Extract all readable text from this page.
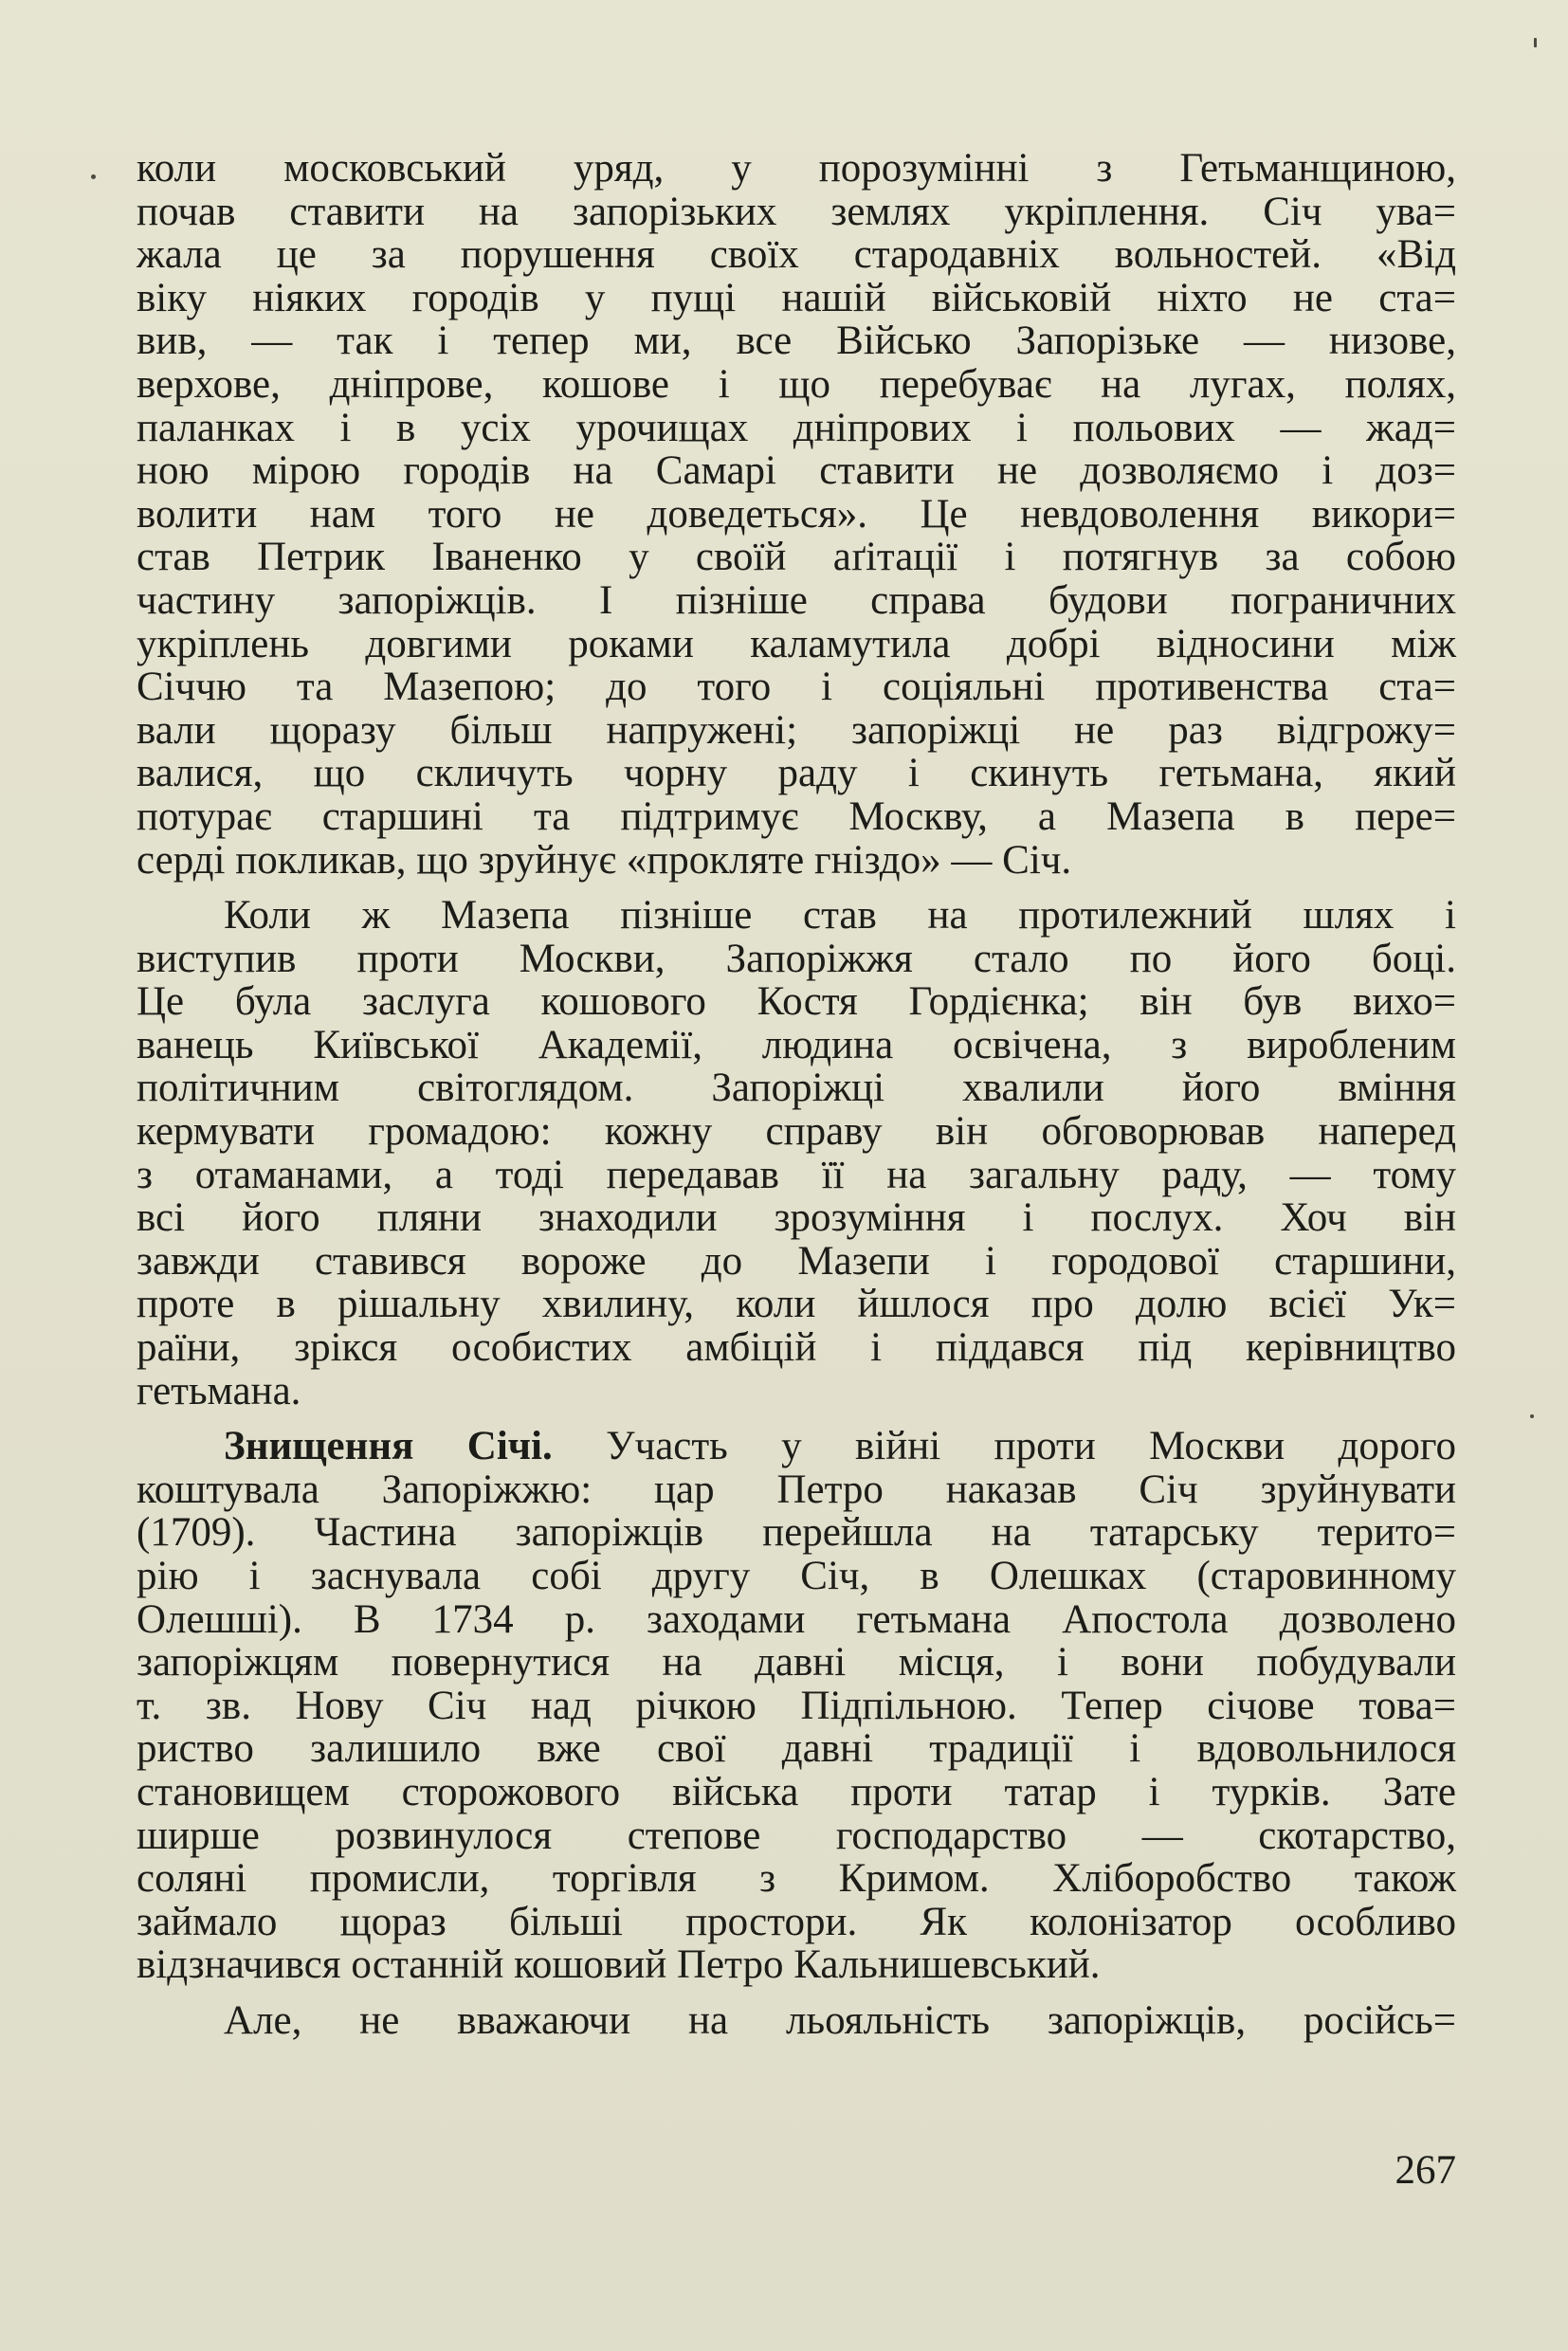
коли московський уряд, у порозумінні з Гетьманщиною,
почав ставити на запорізьких землях укріплення. Січ ува=
жала це за порушення своїх стародавніх вольностей. «Від
віку ніяких городів у пущі нашій військовій ніхто не ста=
вив, — так і тепер ми, все Військо Запорізьке — низове,
верхове, дніпрове, кошове і що перебуває на лугах, полях,
паланках і в усіх урочищах дніпрових і польових — жад=
ною мірою городів на Самарі ставити не дозволяємо і доз=
волити нам того не доведеться». Це невдоволення викори=
став Петрик Іваненко у своїй аґітації і потягнув за собою
частину запоріжців. І пізніше справа будови пограничних
укріплень довгими роками каламутила добрі відносини між
Січчю та Мазепою; до того і соціяльні противенства ста=
вали щоразу більш напружені; запоріжці не раз відгрожу=
валися, що скличуть чорну раду і скинуть гетьмана, який
потурає старшині та підтримує Москву, а Мазепа в пере=
серді покликав, що зруйнує «прокляте гніздо» — Січ.

Коли ж Мазепа пізніше став на протилежний шлях і
виступив проти Москви, Запоріжжя стало по його боці.
Це була заслуга кошового Костя Гордієнка; він був вихо=
ванець Київської Академії, людина освічена, з виробленим
політичним світоглядом. Запоріжці хвалили його вміння
кермувати громадою: кожну справу він обговорював наперед
з отаманами, а тоді передавав її на загальну раду, — тому
всі його пляни знаходили зрозуміння і послух. Хоч він
завжди ставився вороже до Мазепи і городової старшини,
проте в рішальну хвилину, коли йшлося про долю всієї Ук=
раїни, зрікся особистих амбіцій і піддався під керівництво
гетьмана.

Знищення Січі. Участь у війні проти Москви дорого
коштувала Запоріжжю: цар Петро наказав Січ зруйнувати
(1709). Частина запоріжців перейшла на татарську терито=
рію і заснувала собі другу Січ, в Олешках (старовинному
Олешші). В 1734 р. заходами гетьмана Апостола дозволено
запоріжцям повернутися на давні місця, і вони побудували
т. зв. Нову Січ над річкою Підпільною. Тепер січове това=
риство залишило вже свої давні традиції і вдовольнилося
становищем сторожового війська проти татар і турків. Зате
ширше розвинулося степове господарство — скотарство,
соляні промисли, торгівля з Кримом. Хліборобство також
займало щораз більші простори. Як колонізатор особливо
відзначився останній кошовий Петро Кальнишевський.

Але, не вважаючи на льояльність запоріжців, російсь=

267
